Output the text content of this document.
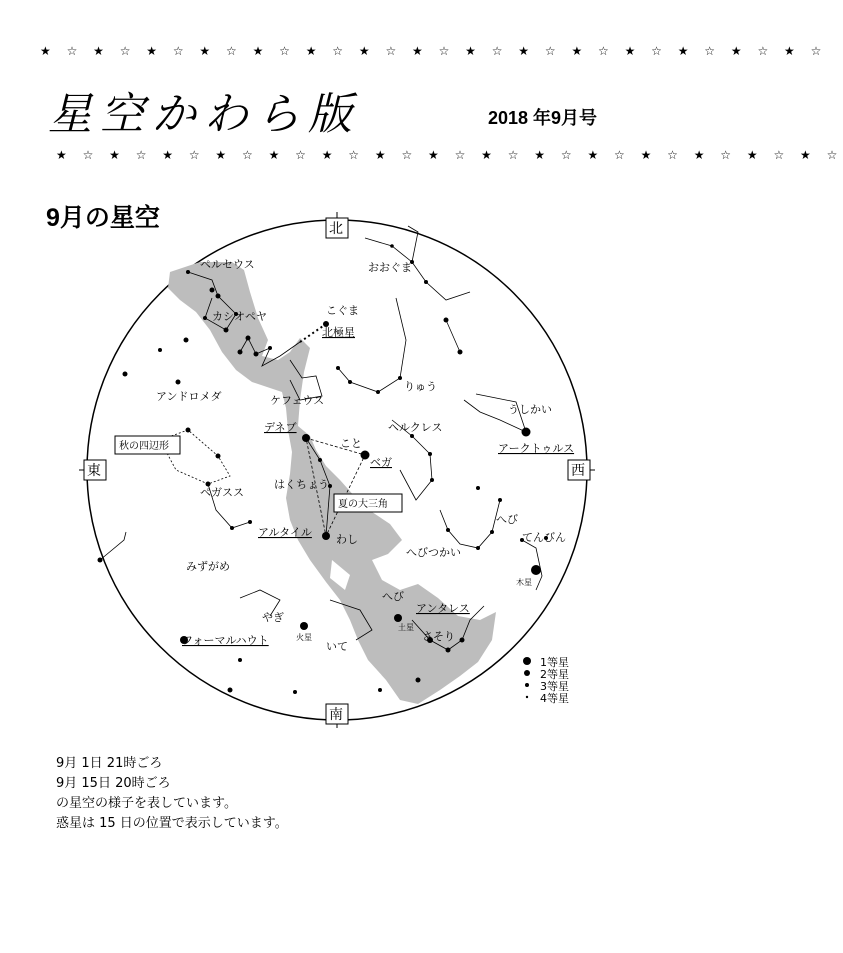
★ ☆ ★ ☆ ★ ☆ ★ ☆ ★ ☆ ★ ☆ ★ ☆ ★ ☆ ★ ☆ ★ ☆ ★ ☆ ★ ☆ ★ ☆ ★ ☆ ★ ☆
星空かわら版	2018 年9月号
★ ☆ ★ ☆ ★ ☆ ★ ☆ ★ ☆ ★ ☆ ★ ☆ ★ ☆ ★ ☆ ★ ☆ ★ ☆ ★ ☆ ★ ☆ ★ ☆ ★ ☆
9月の星空
1等星
2等星
3等星
4等星
北
南
東	西
秋の四辺形
夏の大三角
ペルセウス
カシオペヤ	こぐま
北極星
おおぐま
りゅう
アンドロメダ	ケフェウス
うしかい
デネブ
こと
ヘルクレス
アークトゥルス
ベガ
はくちょう
ペガスス
アルタイル
わし
へび
てんびん
へびつかい
みずがめ
へび
アンタレス
やぎ
フォーマルハウト	さそり
いて
木星
土星
火星
9月 1日 21時ごろ
9月 15日 20時ごろ
の星空の様子を表しています。
惑星は 15 日の位置で表示しています。
